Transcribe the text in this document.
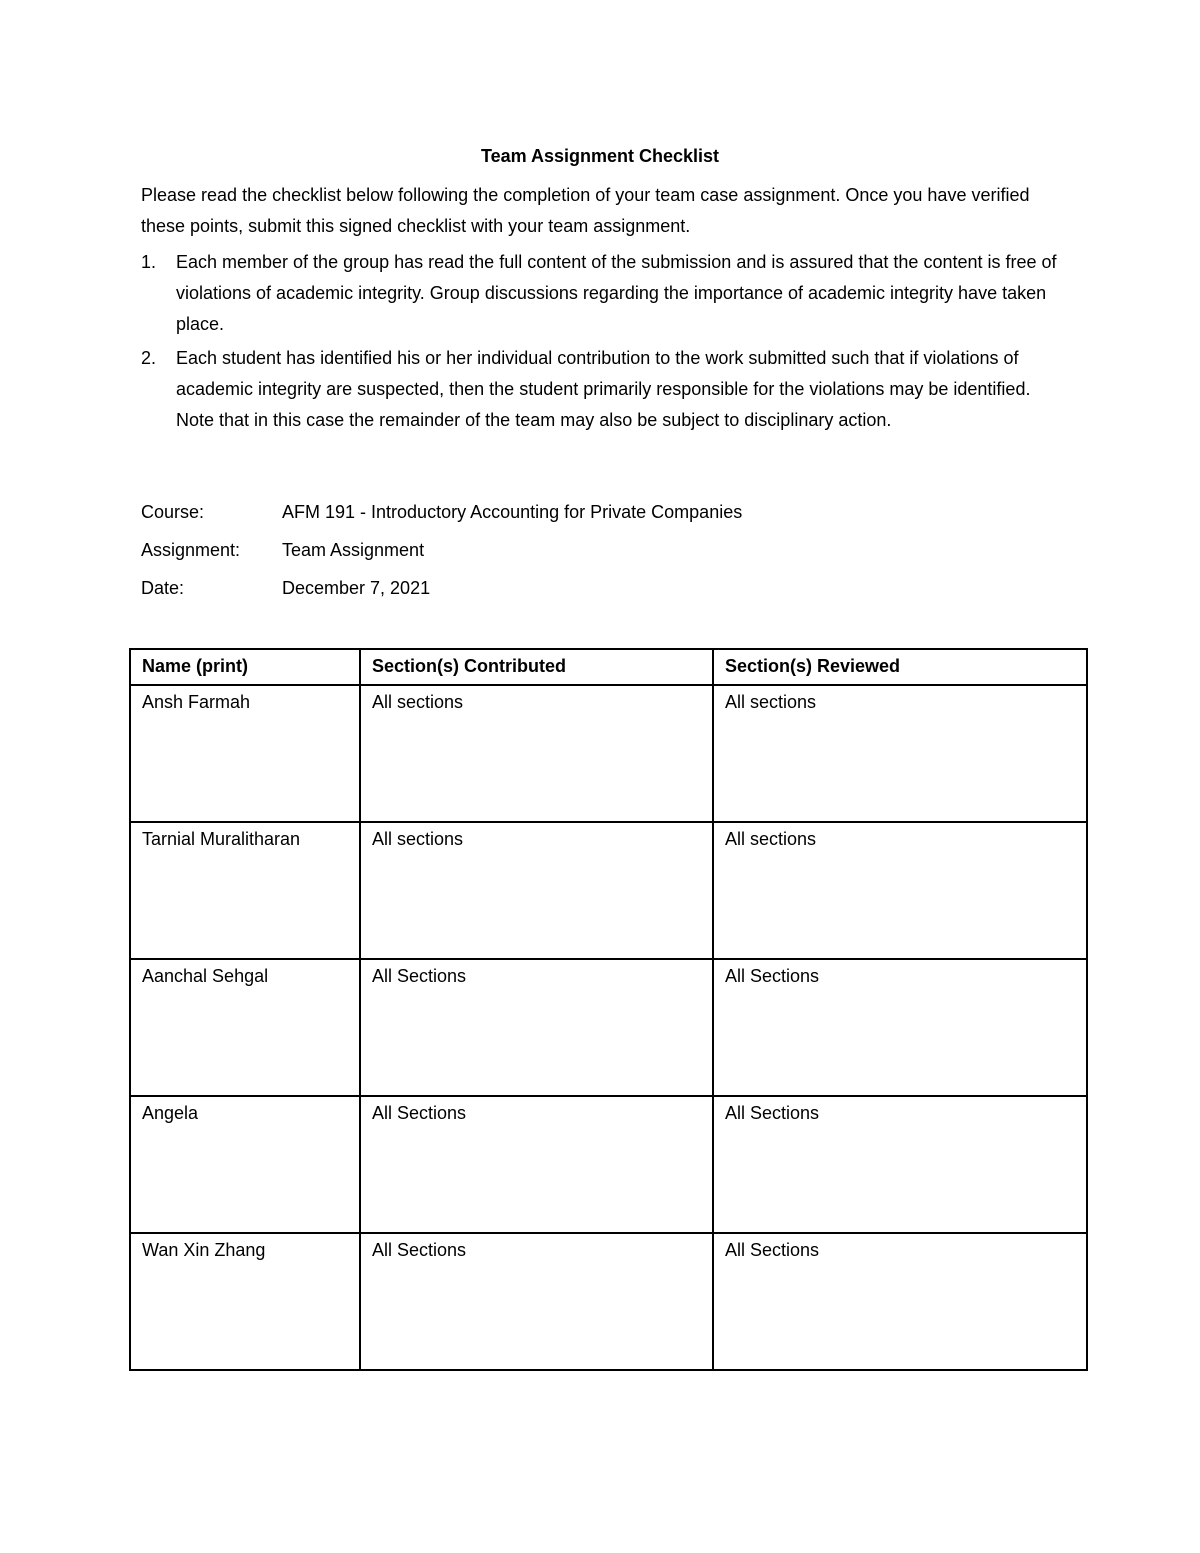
Team Assignment Checklist
Please read the checklist below following the completion of your team case assignment. Once you have verified these points, submit this signed checklist with your team assignment.
1. Each member of the group has read the full content of the submission and is assured that the content is free of violations of academic integrity. Group discussions regarding the importance of academic integrity have taken place.
2. Each student has identified his or her individual contribution to the work submitted such that if violations of academic integrity are suspected, then the student primarily responsible for the violations may be identified. Note that in this case the remainder of the team may also be subject to disciplinary action.
Course:	AFM 191 - Introductory Accounting for Private Companies
Assignment: Team Assignment
Date:	December 7, 2021
Name (print)	Section(s) Contributed	Section(s) Reviewed
Ansh Farmah	All sections	All sections
Tarnial Muralitharan	All sections	All sections
Aanchal Sehgal	All Sections	All Sections
Angela	All Sections	All Sections
Wan Xin Zhang	All Sections	All Sections
